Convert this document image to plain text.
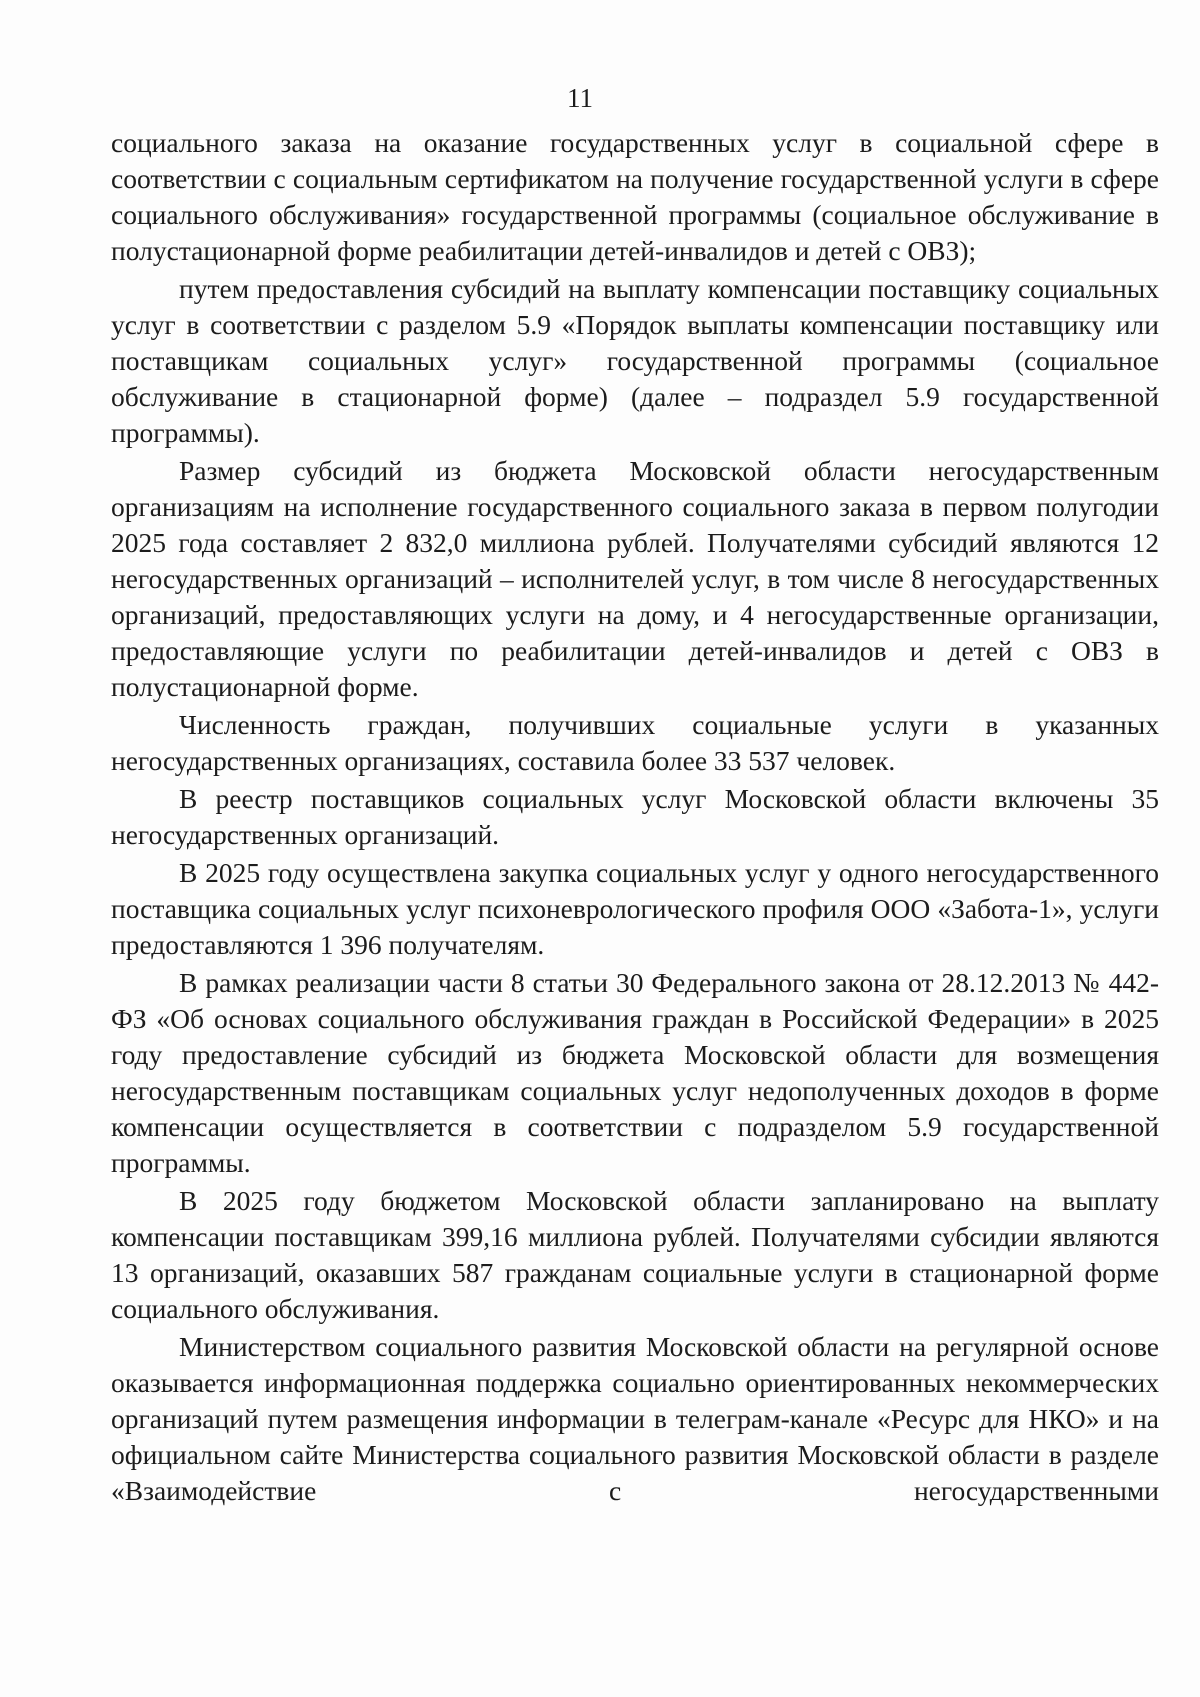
11

социального заказа на оказание государственных услуг в социальной сфере в соответствии с социальным сертификатом на получение государственной услуги в сфере социального обслуживания» государственной программы (социальное обслуживание в полустационарной форме реабилитации детей-инвалидов и детей с ОВЗ);

путем предоставления субсидий на выплату компенсации поставщику социальных услуг в соответствии с разделом 5.9 «Порядок выплаты компенсации поставщику или поставщикам социальных услуг» государственной программы (социальное обслуживание в стационарной форме) (далее – подраздел 5.9 государственной программы).

Размер субсидий из бюджета Московской области негосударственным организациям на исполнение государственного социального заказа в первом полугодии 2025 года составляет 2 832,0 миллиона рублей. Получателями субсидий являются 12 негосударственных организаций – исполнителей услуг, в том числе 8 негосударственных организаций, предоставляющих услуги на дому, и 4 негосударственные организации, предоставляющие услуги по реабилитации детей-инвалидов и детей с ОВЗ в полустационарной форме.

Численность граждан, получивших социальные услуги в указанных негосударственных организациях, составила более 33 537 человек.

В реестр поставщиков социальных услуг Московской области включены 35 негосударственных организаций.

В 2025 году осуществлена закупка социальных услуг у одного негосударственного поставщика социальных услуг психоневрологического профиля ООО «Забота-1», услуги предоставляются 1 396 получателям.

В рамках реализации части 8 статьи 30 Федерального закона от 28.12.2013 № 442-ФЗ «Об основах социального обслуживания граждан в Российской Федерации» в 2025 году предоставление субсидий из бюджета Московской области для возмещения негосударственным поставщикам социальных услуг недополученных доходов в форме компенсации осуществляется в соответствии с подразделом 5.9 государственной программы.

В 2025 году бюджетом Московской области запланировано на выплату компенсации поставщикам 399,16 миллиона рублей. Получателями субсидии являются 13 организаций, оказавших 587 гражданам социальные услуги в стационарной форме социального обслуживания.

Министерством социального развития Московской области на регулярной основе оказывается информационная поддержка социально ориентированных некоммерческих организаций путем размещения информации в телеграм-канале «Ресурс для НКО» и на официальном сайте Министерства социального развития Московской области в разделе «Взаимодействие с негосударственными
